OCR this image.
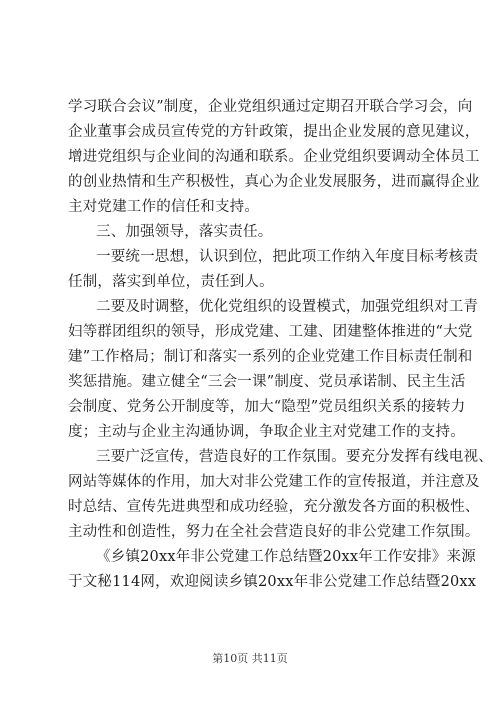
学习联合会议”制度，企业党组织通过定期召开联合学习会，向
企业董事会成员宣传党的方针政策，提出企业发展的意见建议，
增进党组织与企业间的沟通和联系。企业党组织要调动全体员工
的创业热情和生产积极性，真心为企业发展服务，进而赢得企业
主对党建工作的信任和支持。
三、加强领导，落实责任。
一要统一思想，认识到位，把此项工作纳入年度目标考核责
任制，落实到单位，责任到人。
二要及时调整，优化党组织的设置模式，加强党组织对工青
妇等群团组织的领导，形成党建、工建、团建整体推进的“大党
建”工作格局；制订和落实一系列的企业党建工作目标责任制和
奖惩措施。建立健全“三会一课”制度、党员承诺制、民主生活
会制度、党务公开制度等，加大“隐型”党员组织关系的接转力
度；主动与企业主沟通协调，争取企业主对党建工作的支持。
三要广泛宣传，营造良好的工作氛围。要充分发挥有线电视、
网站等媒体的作用，加大对非公党建工作的宣传报道，并注意及
时总结、宣传先进典型和成功经验，充分激发各方面的积极性、
主动性和创造性，努力在全社会营造良好的非公党建工作氛围。
《乡镇20xx年非公党建工作总结暨20xx年工作安排》来源
于文秘114网，欢迎阅读乡镇20xx年非公党建工作总结暨20xx
第10页 共11页
